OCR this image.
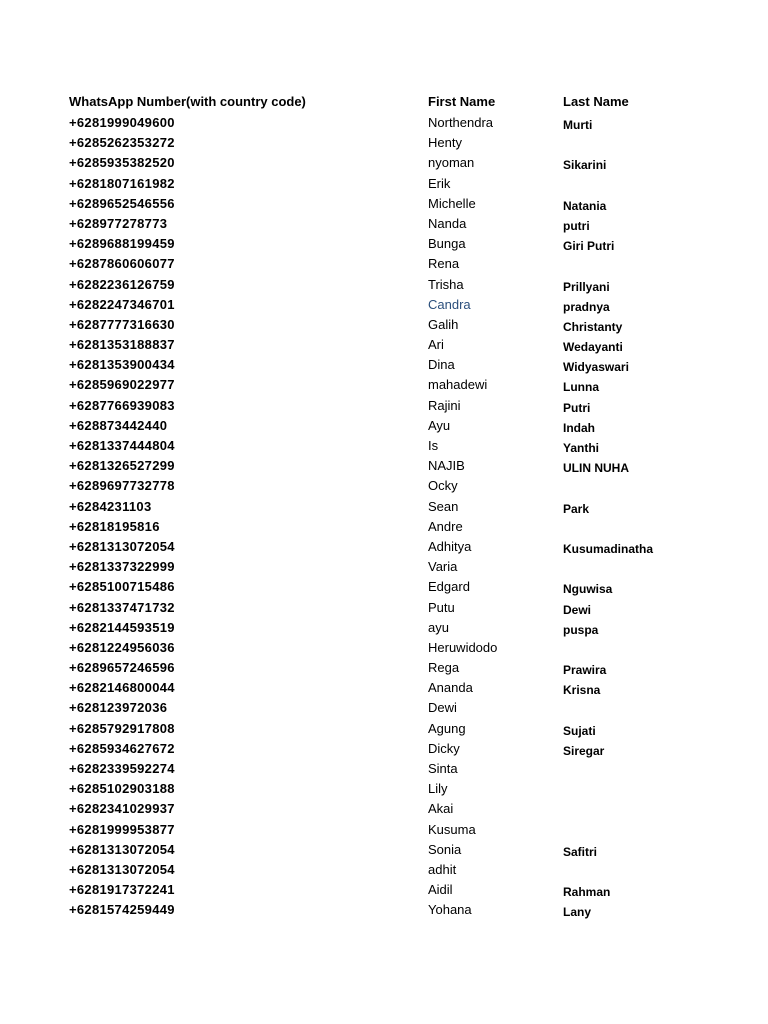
WhatsApp Number(with country code)	First Name	Last Name
+6281999049600	Northendra	Murti
+6285262353272	Henty
+6285935382520	nyoman	Sikarini
+6281807161982	Erik
+6289652546556	Michelle	Natania
+628977278773	Nanda	putri
+6289688199459	Bunga	Giri Putri
+6287860606077	Rena
+6282236126759	Trisha	Prillyani
+6282247346701	Candra	pradnya
+6287777316630	Galih	Christanty
+6281353188837	Ari	Wedayanti
+6281353900434	Dina	Widyaswari
+6285969022977	mahadewi	Lunna
+6287766939083	Rajini	Putri
+628873442440	Ayu	Indah
+6281337444804	Is	Yanthi
+6281326527299	NAJIB	ULIN NUHA
+6289697732778	Ocky
+6284231103	Sean	Park
+62818195816	Andre
+6281313072054	Adhitya	Kusumadinatha
+6281337322999	Varia
+6285100715486	Edgard	Nguwisa
+6281337471732	Putu	Dewi
+6282144593519	ayu	puspa
+6281224956036	Heruwidodo
+6289657246596	Rega	Prawira
+6282146800044	Ananda	Krisna
+628123972036	Dewi
+6285792917808	Agung	Sujati
+6285934627672	Dicky	Siregar
+6282339592274	Sinta
+6285102903188	Lily
+6282341029937	Akai
+6281999953877	Kusuma
+6281313072054	Sonia	Safitri
+6281313072054	adhit
+6281917372241	Aidil	Rahman
+6281574259449	Yohana	Lany
